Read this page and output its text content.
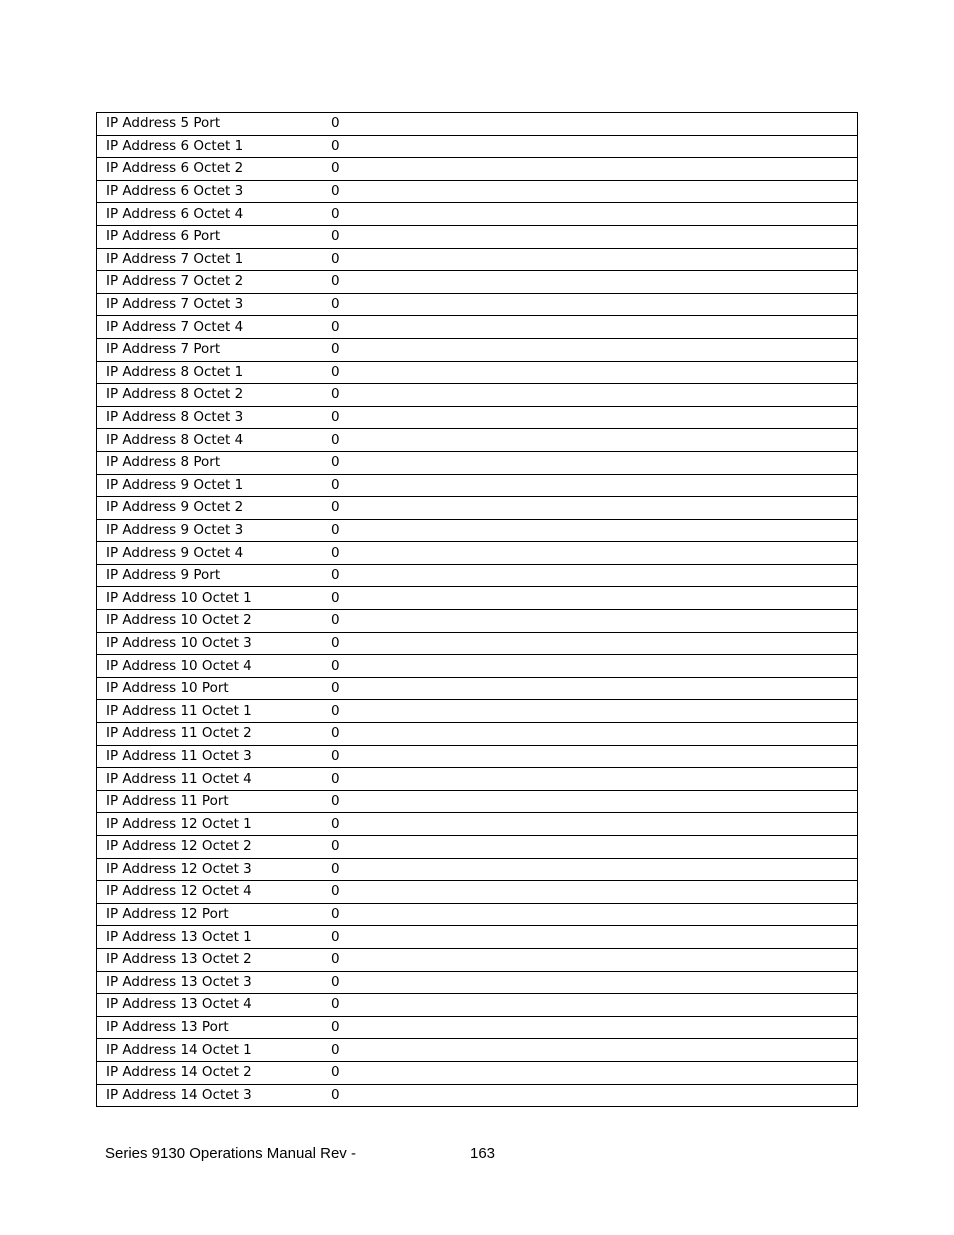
IP Address 5 Port	0
IP Address 6 Octet 1	0
IP Address 6 Octet 2	0
IP Address 6 Octet 3	0
IP Address 6 Octet 4	0
IP Address 6 Port	0
IP Address 7 Octet 1	0
IP Address 7 Octet 2	0
IP Address 7 Octet 3	0
IP Address 7 Octet 4	0
IP Address 7 Port	0
IP Address 8 Octet 1	0
IP Address 8 Octet 2	0
IP Address 8 Octet 3	0
IP Address 8 Octet 4	0
IP Address 8 Port	0
IP Address 9 Octet 1	0
IP Address 9 Octet 2	0
IP Address 9 Octet 3	0
IP Address 9 Octet 4	0
IP Address 9 Port	0
IP Address 10 Octet 1	0
IP Address 10 Octet 2	0
IP Address 10 Octet 3	0
IP Address 10 Octet 4	0
IP Address 10 Port	0
IP Address 11 Octet 1	0
IP Address 11 Octet 2	0
IP Address 11 Octet 3	0
IP Address 11 Octet 4	0
IP Address 11 Port	0
IP Address 12 Octet 1	0
IP Address 12 Octet 2	0
IP Address 12 Octet 3	0
IP Address 12 Octet 4	0
IP Address 12 Port	0
IP Address 13 Octet 1	0
IP Address 13 Octet 2	0
IP Address 13 Octet 3	0
IP Address 13 Octet 4	0
IP Address 13 Port	0
IP Address 14 Octet 1	0
IP Address 14 Octet 2	0
IP Address 14 Octet 3	0
Series 9130 Operations Manual Rev -	163
